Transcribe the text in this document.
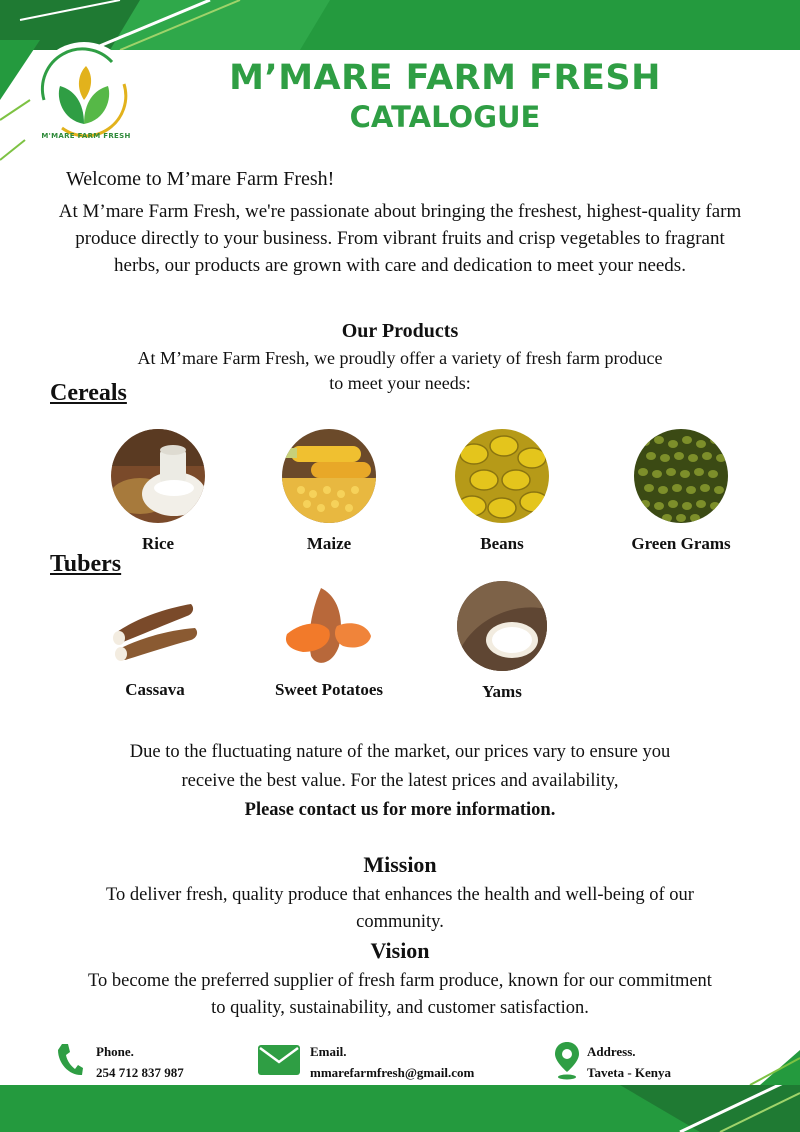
M'MARE FARM FRESH
M’MARE FARM FRESH
CATALOGUE
Welcome to M’mare Farm Fresh!
At M’mare Farm Fresh, we're passionate about bringing the freshest, highest-quality farm produce directly to your business. From vibrant fruits and crisp vegetables to fragrant herbs, our products are grown with care and dedication to meet your needs.
Our Products
At M’mare Farm Fresh, we proudly offer a variety of fresh farm produce
to meet your needs:
Cereals
Rice	Maize	Beans	Green Grams
Tubers
Cassava	Sweet Potatoes	Yams
Due to the fluctuating nature of the market, our prices vary to ensure you
receive the best value. For the latest prices and availability,
Please contact us for more information.
Mission
To deliver fresh, quality produce that enhances the health and well-being of our community.
Vision
To become the preferred supplier of fresh farm produce, known for our commitment to quality, sustainability, and customer satisfaction.
Phone.
254 712 837 987
Email.
mmarefarmfresh@gmail.com
Address.
Taveta - Kenya
